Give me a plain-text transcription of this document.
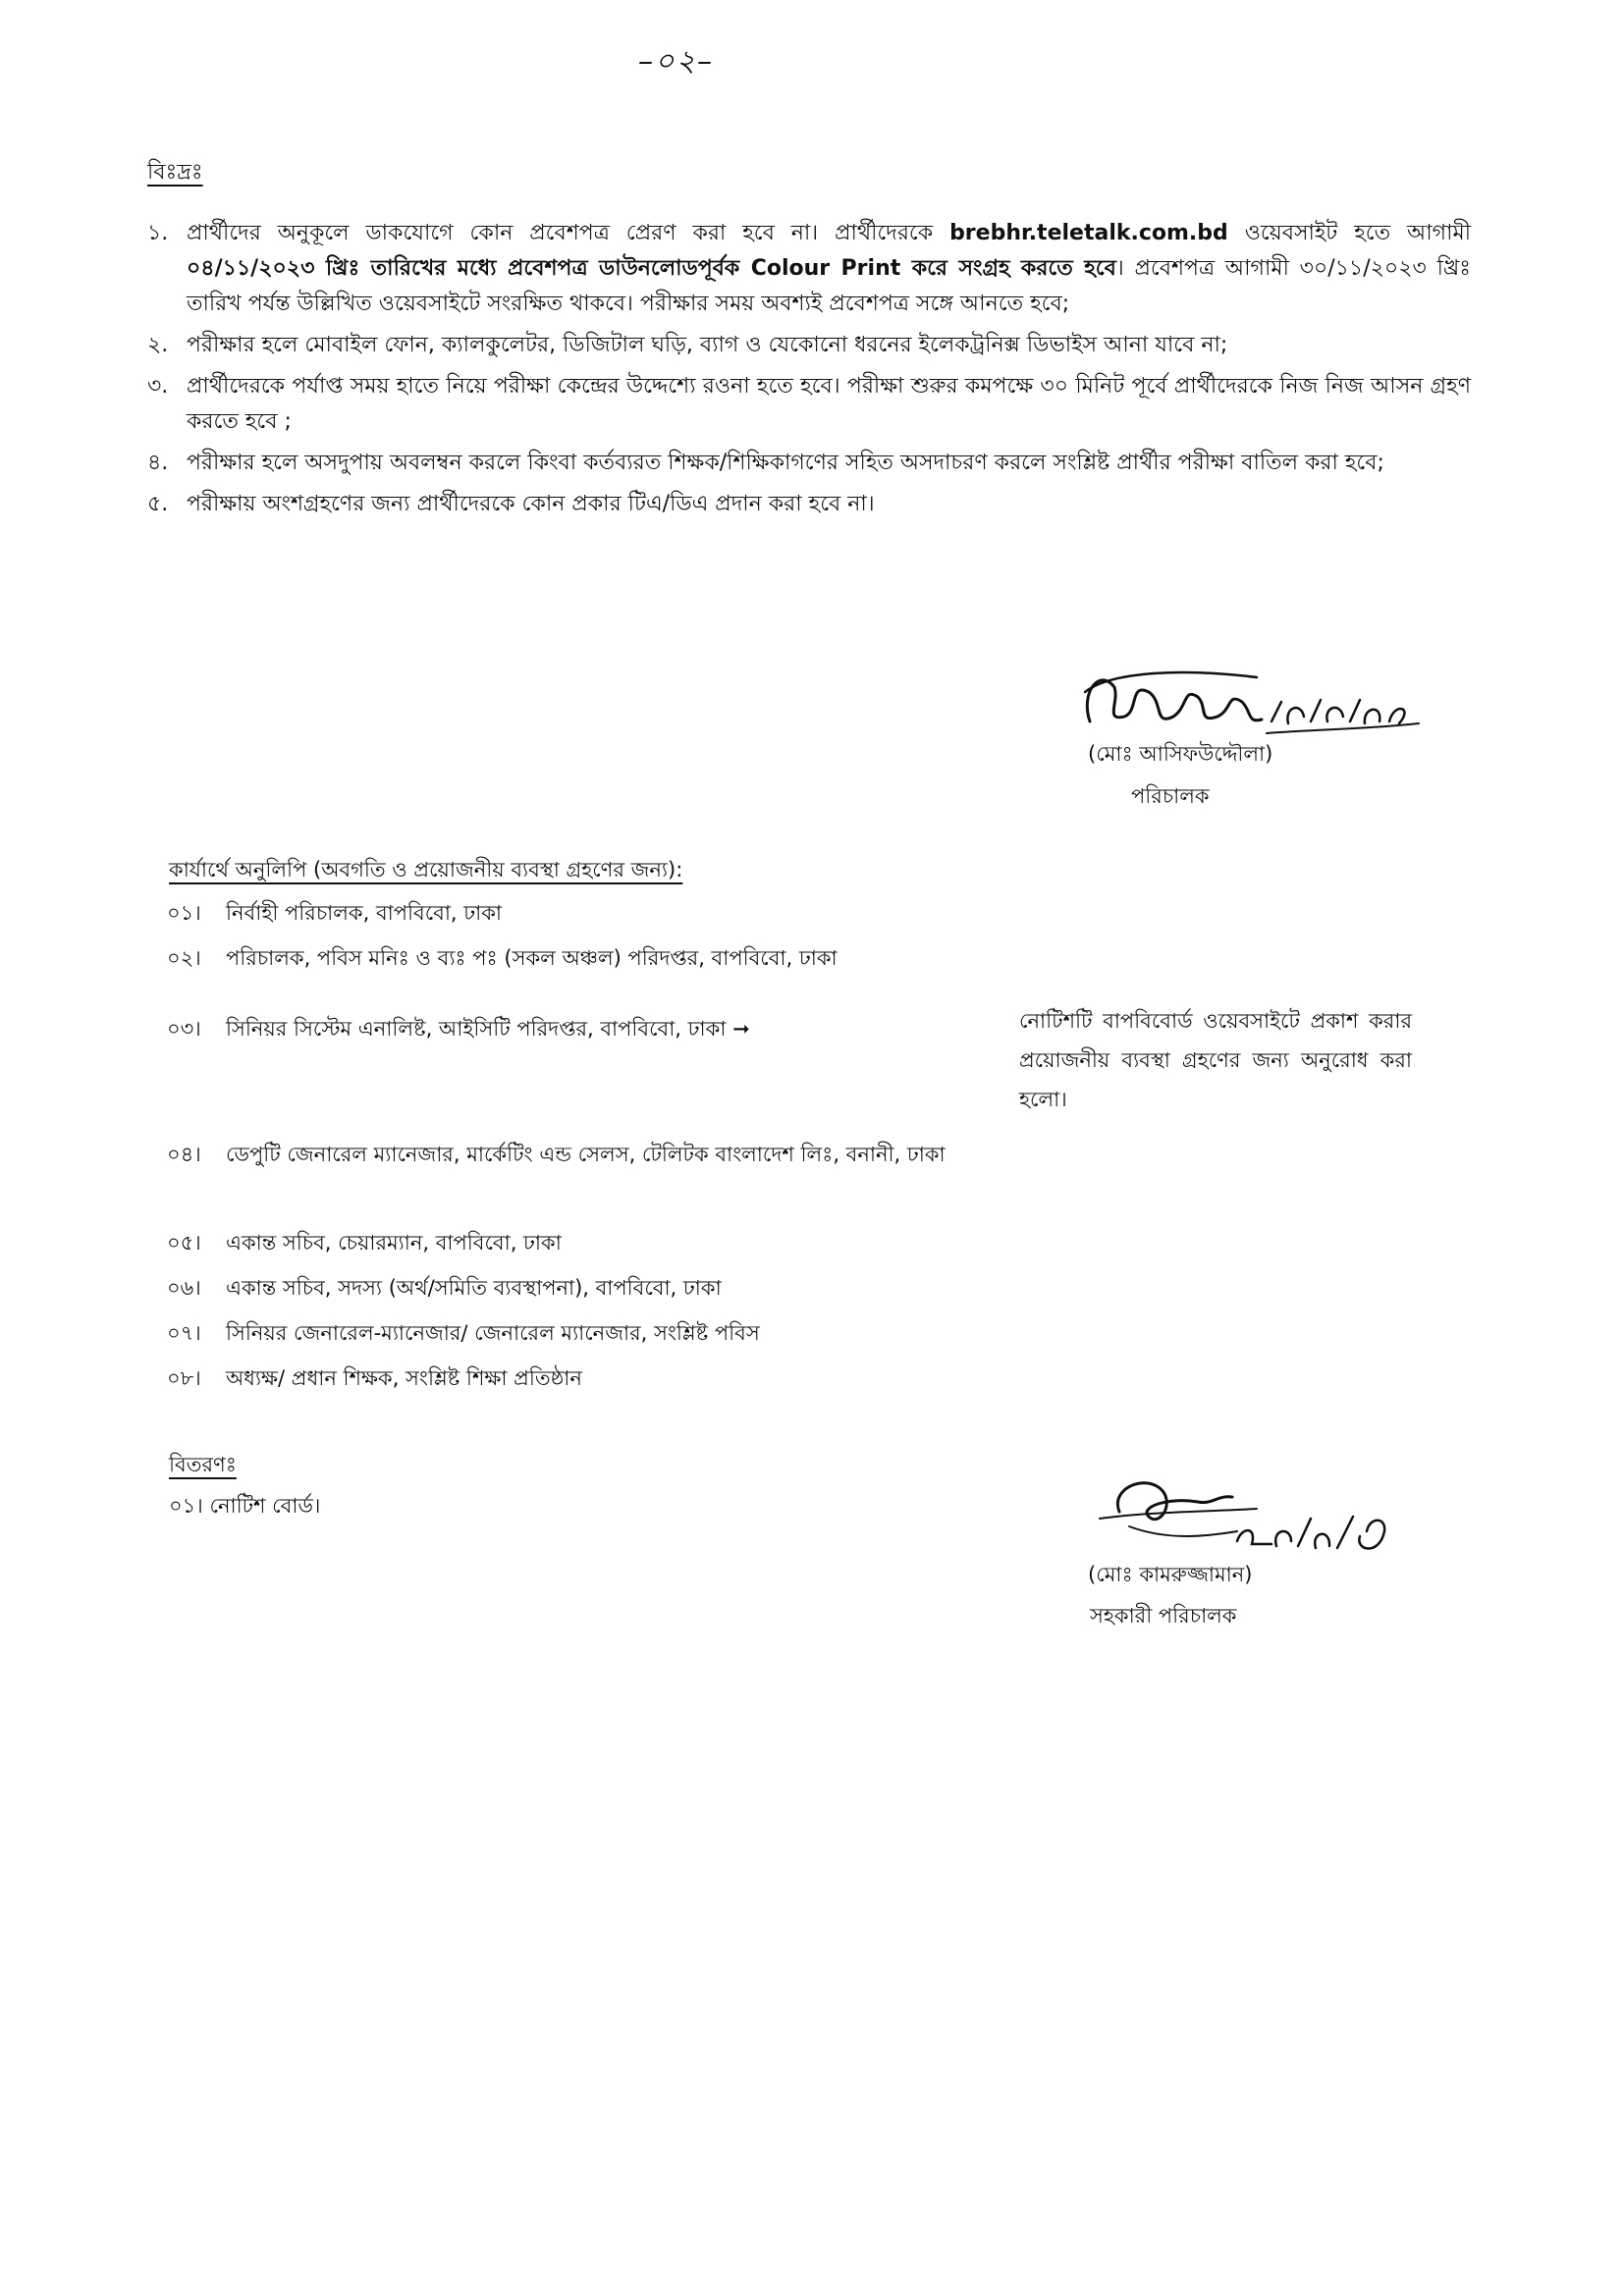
–০২–
বিঃদ্রঃ
১. প্রার্থীদের অনুকূলে ডাকযোগে কোন প্রবেশপত্র প্রেরণ করা হবে না। প্রার্থীদেরকে brebhr.teletalk.com.bd ওয়েবসাইট হতে আগামী ০৪/১১/২০২৩ খ্রিঃ তারিখের মধ্যে প্রবেশপত্র ডাউনলোডপূর্বক Colour Print করে সংগ্রহ করতে হবে। প্রবেশপত্র আগামী ৩০/১১/২০২৩ খ্রিঃ তারিখ পর্যন্ত উল্লিখিত ওয়েবসাইটে সংরক্ষিত থাকবে। পরীক্ষার সময় অবশ্যই প্রবেশপত্র সঙ্গে আনতে হবে;
২. পরীক্ষার হলে মোবাইল ফোন, ক্যালকুলেটর, ডিজিটাল ঘড়ি, ব্যাগ ও যেকোনো ধরনের ইলেকট্রনিক্স ডিভাইস আনা যাবে না;
৩. প্রার্থীদেরকে পর্যাপ্ত সময় হাতে নিয়ে পরীক্ষা কেন্দ্রের উদ্দেশ্যে রওনা হতে হবে। পরীক্ষা শুরুর কমপক্ষে ৩০ মিনিট পূর্বে প্রার্থীদেরকে নিজ নিজ আসন গ্রহণ করতে হবে ;
৪. পরীক্ষার হলে অসদুপায় অবলম্বন করলে কিংবা কর্তব্যরত শিক্ষক/শিক্ষিকাগণের সহিত অসদাচরণ করলে সংশ্লিষ্ট প্রার্থীর পরীক্ষা বাতিল করা হবে;
৫. পরীক্ষায় অংশগ্রহণের জন্য প্রার্থীদেরকে কোন প্রকার টিএ/ডিএ প্রদান করা হবে না।
(মোঃ আসিফউদ্দৌলা)
পরিচালক
কার্যার্থে অনুলিপি (অবগতি ও প্রয়োজনীয় ব্যবস্থা গ্রহণের জন্য):
০১।	নির্বাহী পরিচালক, বাপবিবো, ঢাকা
০২।	পরিচালক, পবিস মনিঃ ও ব্যঃ পঃ (সকল অঞ্চল) পরিদপ্তর, বাপবিবো, ঢাকা
০৩।	সিনিয়র সিস্টেম এনালিষ্ট, আইসিটি পরিদপ্তর, বাপবিবো, ঢাকা ➞
০৪।	ডেপুটি জেনারেল ম্যানেজার, মার্কেটিং এন্ড সেলস, টেলিটক বাংলাদেশ লিঃ, বনানী, ঢাকা
০৫।	একান্ত সচিব, চেয়ারম্যান, বাপবিবো, ঢাকা
০৬।	একান্ত সচিব, সদস্য (অর্থ/সমিতি ব্যবস্থাপনা), বাপবিবো, ঢাকা
০৭।	সিনিয়র জেনারেল-ম্যানেজার/ জেনারেল ম্যানেজার, সংশ্লিষ্ট পবিস
০৮।	অধ্যক্ষ/ প্রধান শিক্ষক, সংশ্লিষ্ট শিক্ষা প্রতিষ্ঠান
নোটিশটি বাপবিবোর্ড ওয়েবসাইটে প্রকাশ করার প্রয়োজনীয় ব্যবস্থা গ্রহণের জন্য অনুরোধ করা হলো।
বিতরণঃ
০১। নোটিশ বোর্ড।
(মোঃ কামরুজ্জামান)
সহকারী পরিচালক
